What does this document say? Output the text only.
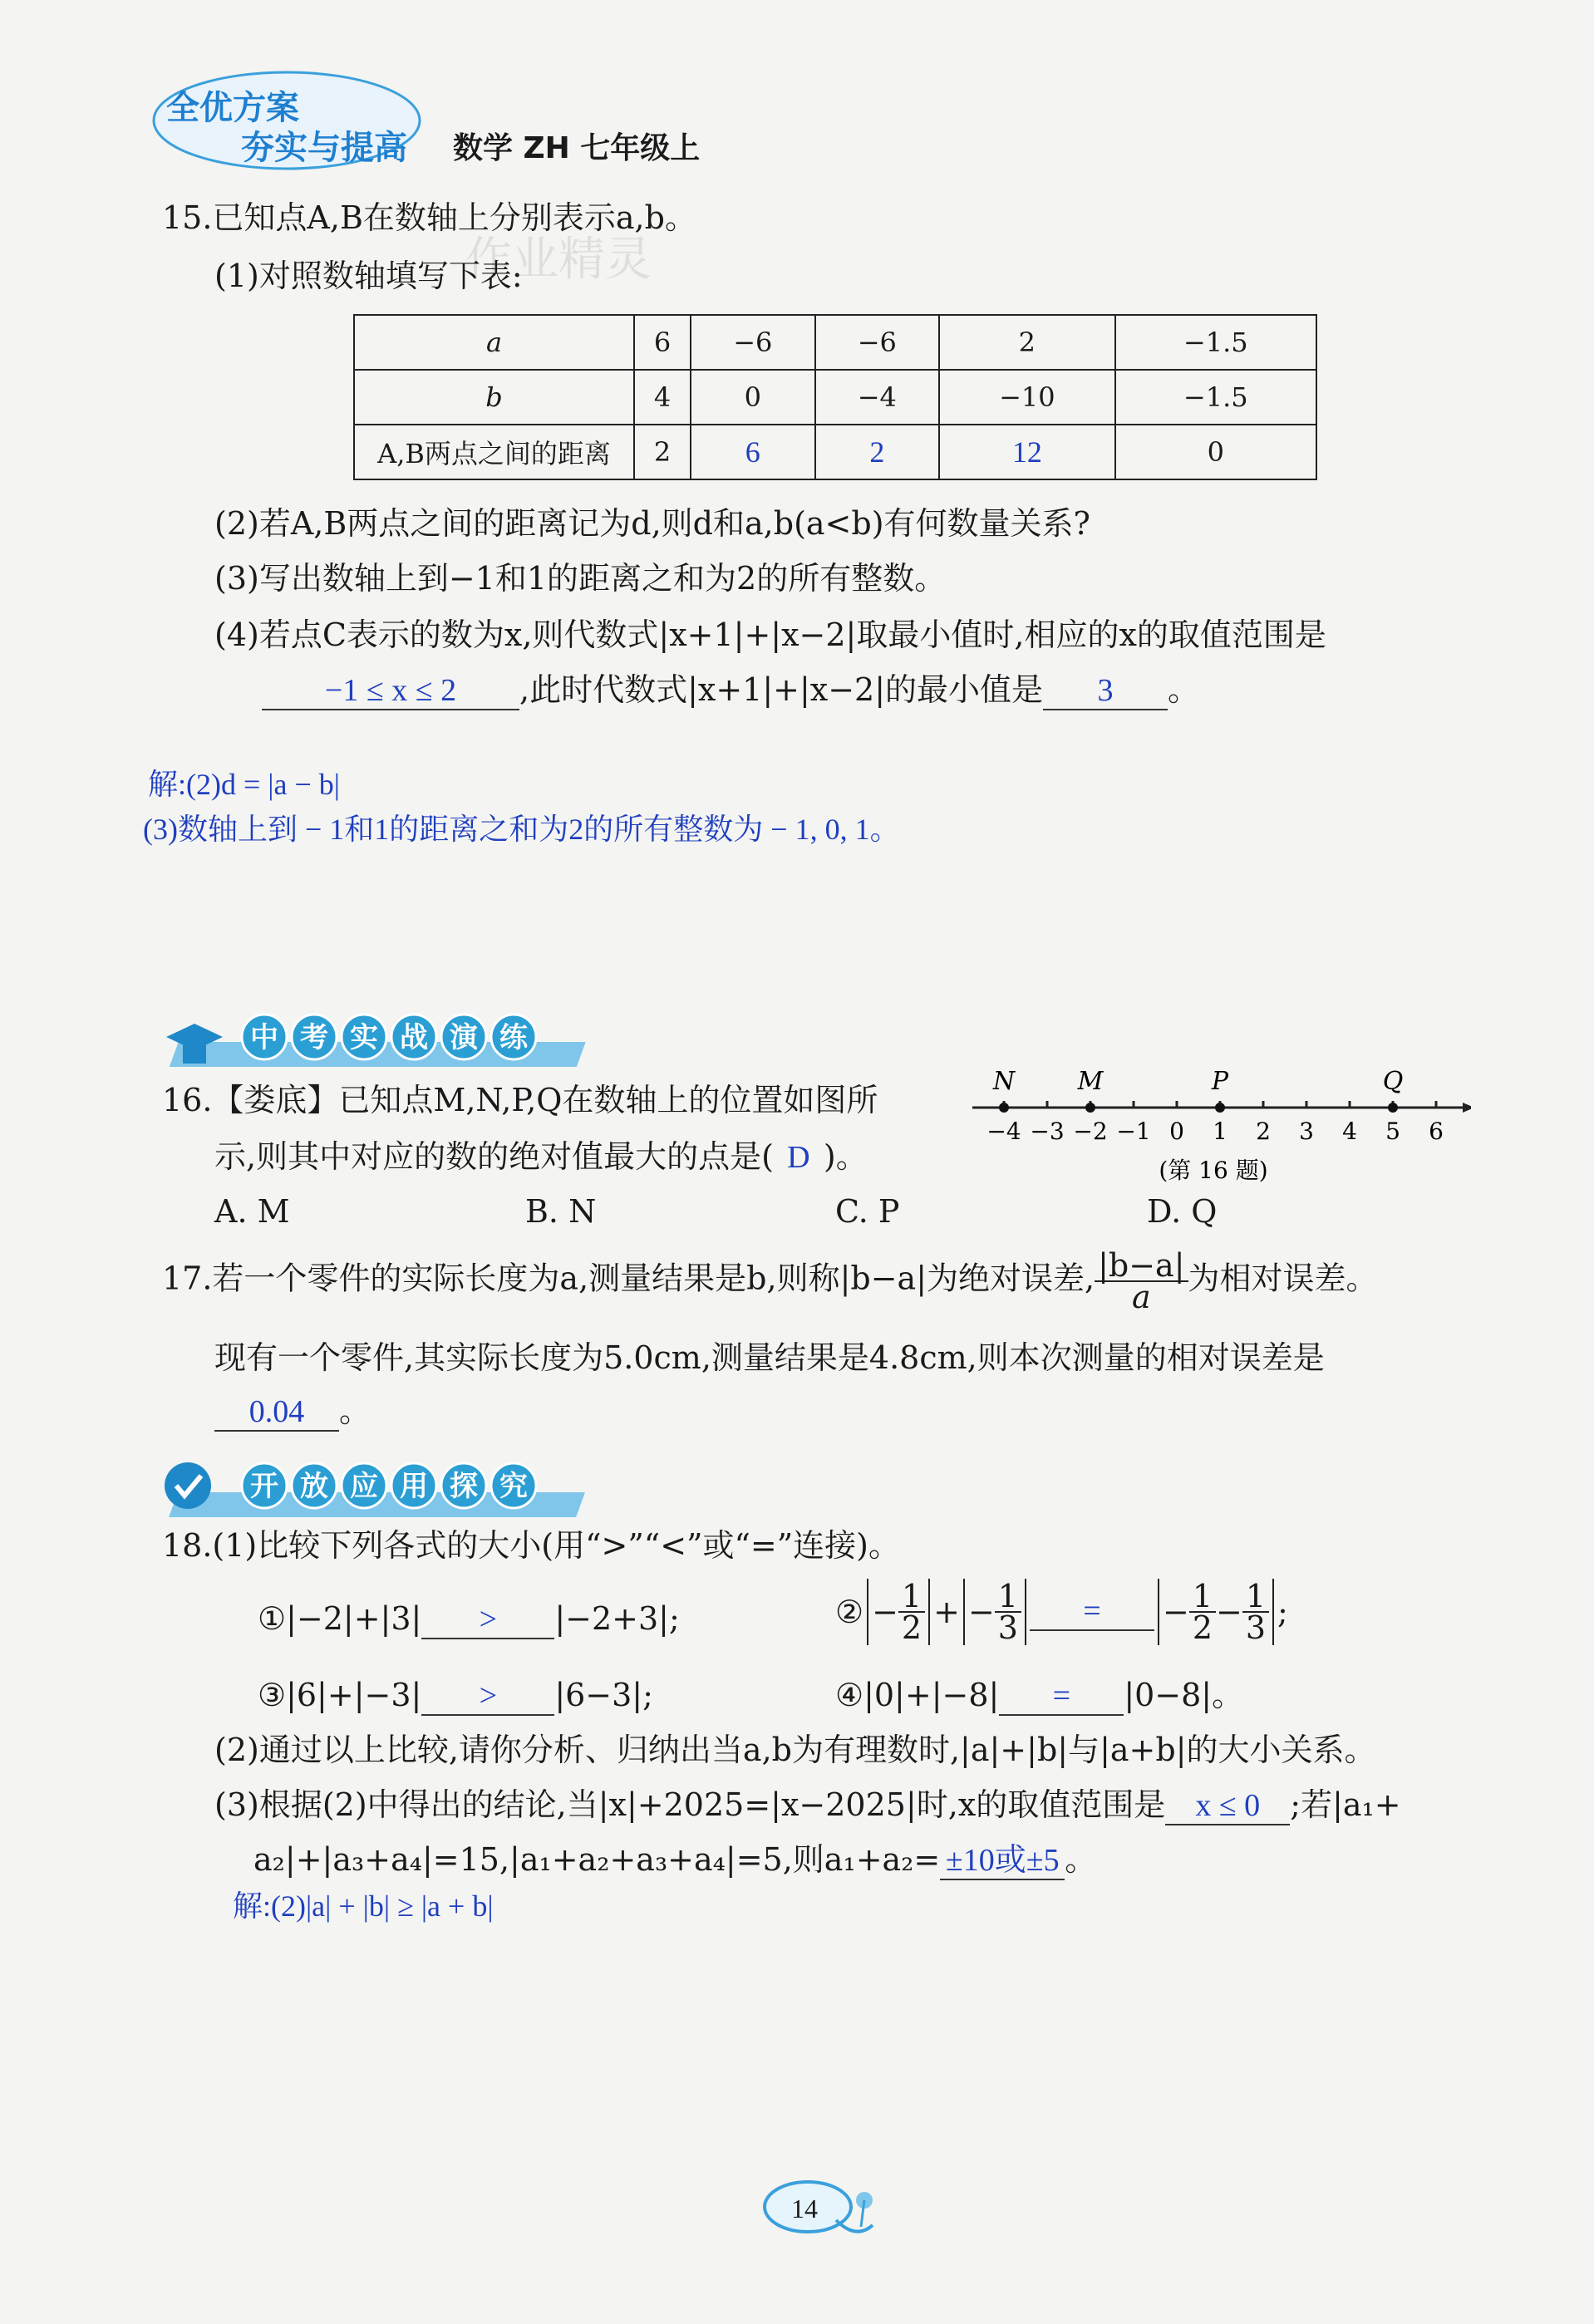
全优方案
夯实与提高 数学 ZH 七年级上
作业精灵
15.已知点A,B在数轴上分别表示a,b。
(1)对照数轴填写下表:
a	6	−6	−6	2	−1.5
b	4	0	−4	−10	−1.5
A,B两点之间的距离	2	6	2	12	0
(2)若A,B两点之间的距离记为d,则d和a,b(a<b)有何数量关系?
(3)写出数轴上到−1和1的距离之和为2的所有整数。
(4)若点C表示的数为x,则代数式|x+1|+|x−2|取最小值时,相应的x的取值范围是
−1 ≤ x ≤ 2 ,此时代数式|x+1|+|x−2|的最小值是 3 。
解:(2)d = |a − b|
(3)数轴上到 − 1和1的距离之和为2的所有整数为 − 1, 0, 1。
中 考 实 战 演 练
16.【娄底】已知点M,N,P,Q在数轴上的位置如图所
示,则其中对应的数的绝对值最大的点是( D )。
A. M	B. N	C. P	D. Q
−4 −3 −2 −1 0 1 2 3 4 5 6
N	M	P	Q
(第 16 题)
17.若一个零件的实际长度为a,测量结果是b,则称|b−a|为绝对误差, $\frac{|b-a|}{a}$ 为相对误差。
现有一个零件,其实际长度为5.0cm,测量结果是4.8cm,则本次测量的相对误差是
0.04 。
开 放 应 用 探 究
18.(1)比较下列各式的大小(用“>”“<”或“=”连接)。
①|−2|+|3| > |−2+3|;	② − $\frac{1}{2}$ + − $\frac{1}{3}$ = − $\frac{1}{2} - \frac{1}{3}$ ;
③|6|+|−3| > |6−3|;	④|0|+|−8| = |0−8|。
(2)通过以上比较,请你分析、归纳出当a,b为有理数时,|a|+|b|与|a+b|的大小关系。
(3)根据(2)中得出的结论,当|x|+2025=|x−2025|时,x的取值范围是 x ≤ 0 ;若|a₁+
a₂|+|a₃+a₄|=15,|a₁+a₂+a₃+a₄|=5,则a₁+a₂= ±10或±5 。
解:(2)|a| + |b| ≥ |a + b|
14
